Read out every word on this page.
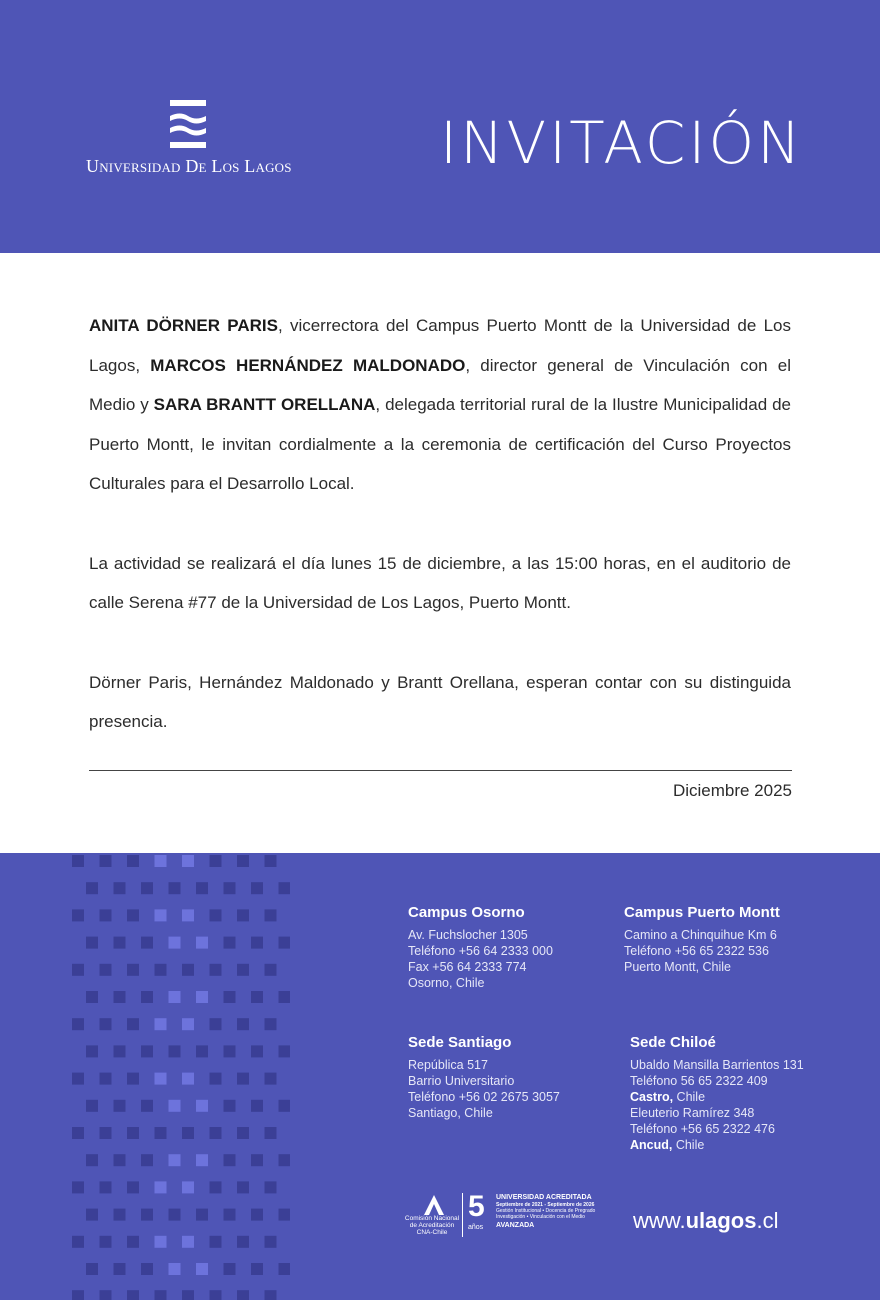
Universidad De Los Lagos	INVITACIÓN

ANITA DÖRNER PARIS, vicerrectora del Campus Puerto Montt de la Universidad de Los Lagos, MARCOS HERNÁNDEZ MALDONADO, director general de Vinculación con el Medio y SARA BRANTT ORELLANA, delegada territorial rural de la Ilustre Municipalidad de Puerto Montt, le invitan cordialmente a la ceremonia de certificación del Curso Proyectos Culturales para el Desarrollo Local.

La actividad se realizará el día lunes 15 de diciembre, a las 15:00 horas, en el auditorio de calle Serena #77 de la Universidad de Los Lagos, Puerto Montt.

Dörner Paris, Hernández Maldonado y Brantt Orellana, esperan contar con su distinguida presencia.

Diciembre 2025
Campus Osorno
Av. Fuchslocher 1305
Teléfono +56 64 2333 000
Fax +56 64 2333 774
Osorno, Chile
Campus Puerto Montt
Camino a Chinquihue Km 6
Teléfono +56 65 2322 536
Puerto Montt, Chile
Sede Santiago
República 517
Barrio Universitario
Teléfono +56 02 2675 3057
Santiago, Chile
Sede Chiloé
Ubaldo Mansilla Barrientos 131
Teléfono 56 65 2322 409
Castro, Chile
Eleuterio Ramírez 348
Teléfono +56 65 2322 476
Ancud, Chile
Comisión Nacional
de Acreditación
CNA-Chile
5
años
UNIVERSIDAD ACREDITADA
Septiembre de 2021 - Septiembre de 2026
Gestión Institucional • Docencia de Pregrado
Investigación • Vinculación con el Medio
AVANZADA	www.ulagos.cl
